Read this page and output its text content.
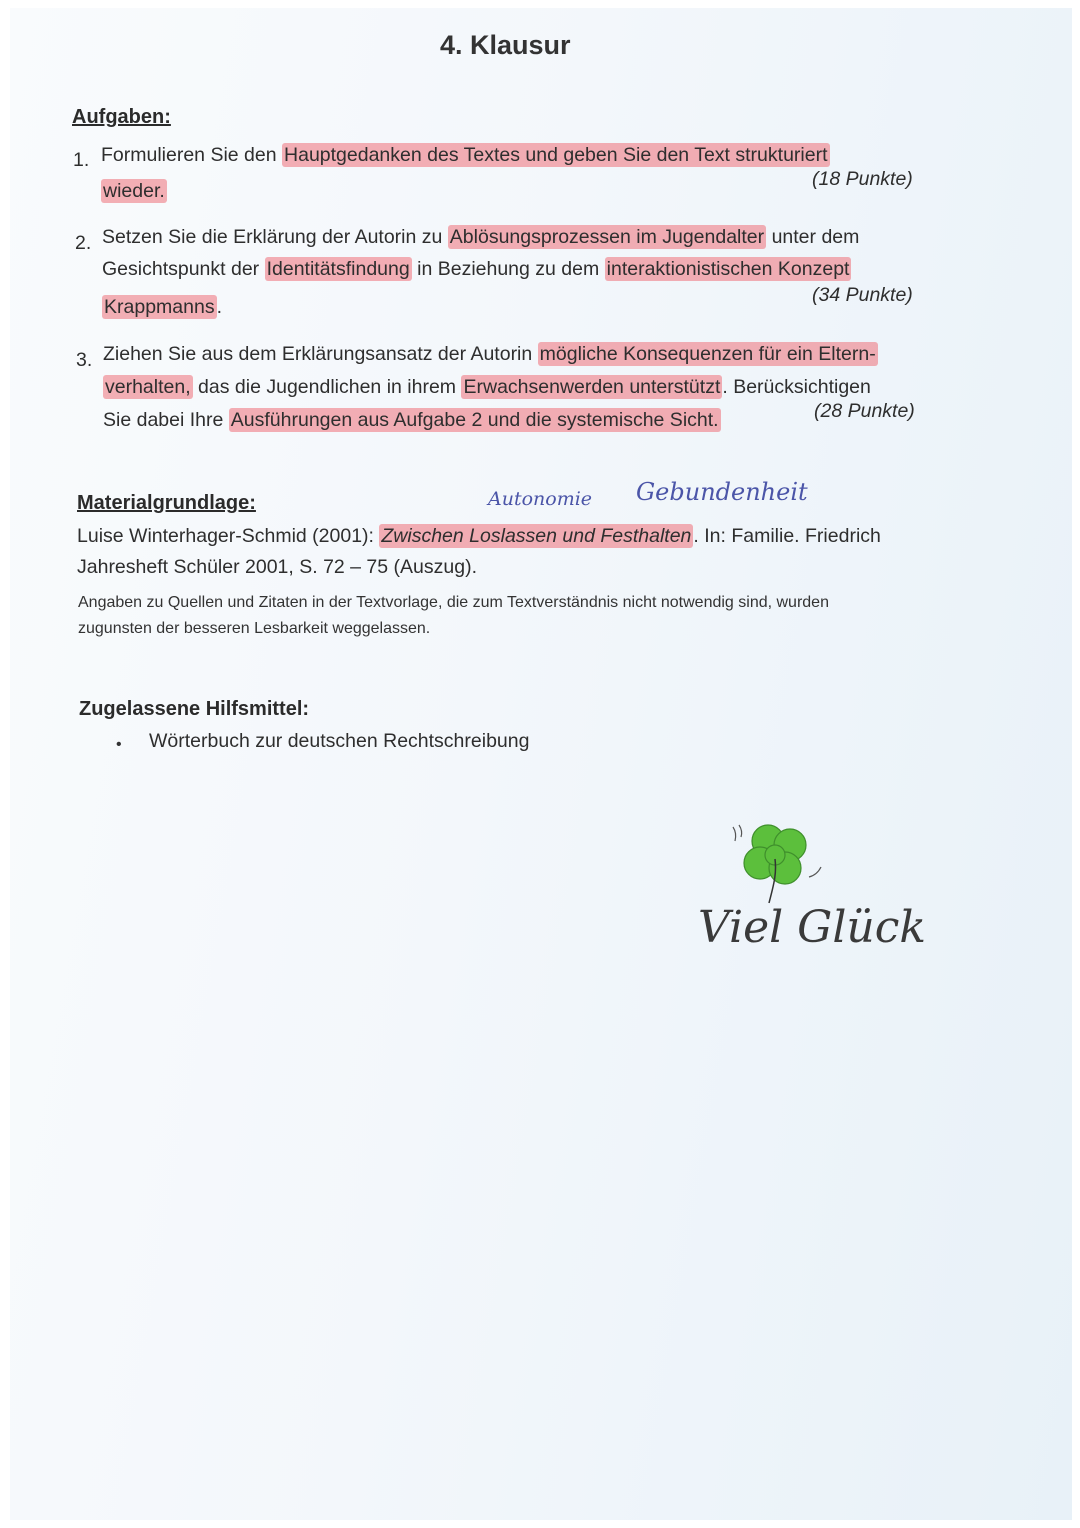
4. Klausur
Aufgaben:
1. Formulieren Sie den Hauptgedanken des Textes und geben Sie den Text strukturiert
wieder.
(18 Punkte)
2. Setzen Sie die Erklärung der Autorin zu Ablösungsprozessen im Jugendalter unter dem
Gesichtspunkt der Identitätsfindung in Beziehung zu dem interaktionistischen Konzept
Krappmanns .
(34 Punkte)
3. Ziehen Sie aus dem Erklärungsansatz der Autorin mögliche Konsequenzen für ein Eltern-
verhalten, das die Jugendlichen in ihrem Erwachsenwerden unterstützt . Berücksichtigen
Sie dabei Ihre Ausführungen aus Aufgabe 2 und die systemische Sicht.	(28 Punkte)
Materialgrundlage:	Autonomie Gebundenheit
Luise Winterhager-Schmid (2001): Zwischen Loslassen und Festhalten . In: Familie. Friedrich
Jahresheft Schüler 2001, S. 72 – 75 (Auszug).
Angaben zu Quellen und Zitaten in der Textvorlage, die zum Textverständnis nicht notwendig sind, wurden
zugunsten der besseren Lesbarkeit weggelassen.
Zugelassene Hilfsmittel:
• Wörterbuch zur deutschen Rechtschreibung
Viel Glück
